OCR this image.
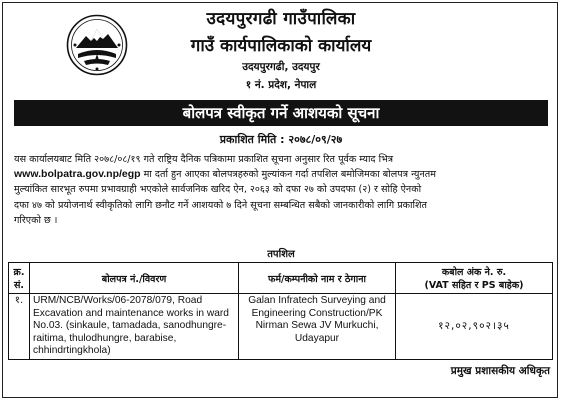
उदयपुरगढी गाउँपालिका
गाउँ कार्यपालिकाको कार्यालय
उदयपुरगढी, उदयपुर
१ नं. प्रदेश, नेपाल
बोलपत्र स्वीकृत गर्ने आशयको सूचना
प्रकाशित मिति : २०७८/०९/२७
यस कार्यालयबाट मिति २०७८/०८/१९ गते राष्ट्रिय दैनिक पत्रिकामा प्रकाशित सूचना अनुसार रित पूर्वक म्याद भित्र
www.bolpatra.gov.np/egp मा दर्ता हुन आएका बोलपत्रहरुको मुल्यांकन गर्दा तपशिल बमोजिमका बोलपत्र न्युनतम
मुल्यांकित सारभूत रुपमा प्रभावग्राही भएकोले सार्वजनिक खरिद ऐन, २०६३ को दफा २७ को उपदफा (२) र सोहि ऐनको
दफा ४७ को प्रयोजनार्थ स्वीकृतिको लागि छनौट गर्ने आशयको ७ दिने सूचना सम्बन्धित सबैको जानकारीको लागि प्रकाशित
गरिएको छ ।
तपशिल
क्र. सं.	बोलपत्र नं./विवरण	फर्म/कम्पनीको नाम र ठेगाना	कबोल अंक ने. रु.
(VAT सहित र PS बाहेक)

१.	URM/NCB/Works/06-2078/079, Road Excavation and maintenance works in ward No.03. (sinkaule, tamadada, sanodhungre-raitima, thulodhungre, barabise, chhindrtingkhola)	Galan Infratech Surveying and Engineering Construction/PK Nirman Sewa JV Murkuchi, Udayapur	१२,०२,९०२।३५
प्रमुख प्रशासकीय अधिकृत
